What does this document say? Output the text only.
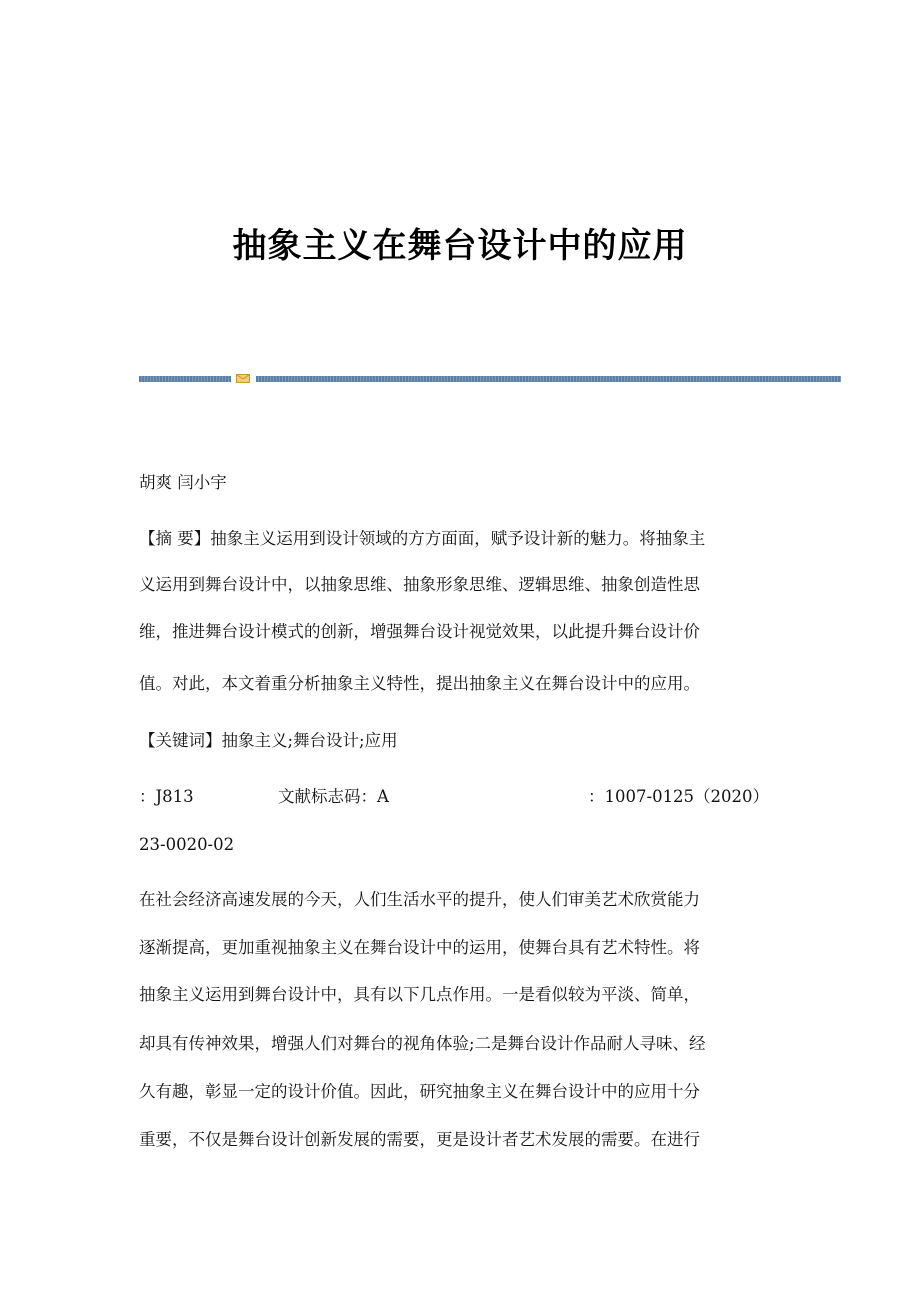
抽象主义在舞台设计中的应用
胡爽 闫小宇
【摘 要】抽象主义运用到设计领域的方方面面，赋予设计新的魅力。将抽象主
义运用到舞台设计中，以抽象思维、抽象形象思维、逻辑思维、抽象创造性思
维，推进舞台设计模式的创新，增强舞台设计视觉效果，以此提升舞台设计价
值。对此，本文着重分析抽象主义特性，提出抽象主义在舞台设计中的应用。
【关键词】抽象主义;舞台设计;应用
：J813	文献标志码：A	：1007-0125（2020）
23-0020-02
在社会经济高速发展的今天，人们生活水平的提升，使人们审美艺术欣赏能力
逐渐提高，更加重视抽象主义在舞台设计中的运用，使舞台具有艺术特性。将
抽象主义运用到舞台设计中，具有以下几点作用。一是看似较为平淡、简单，
却具有传神效果，增强人们对舞台的视角体验;二是舞台设计作品耐人寻味、经
久有趣，彰显一定的设计价值。因此，研究抽象主义在舞台设计中的应用十分
重要，不仅是舞台设计创新发展的需要，更是设计者艺术发展的需要。在进行
